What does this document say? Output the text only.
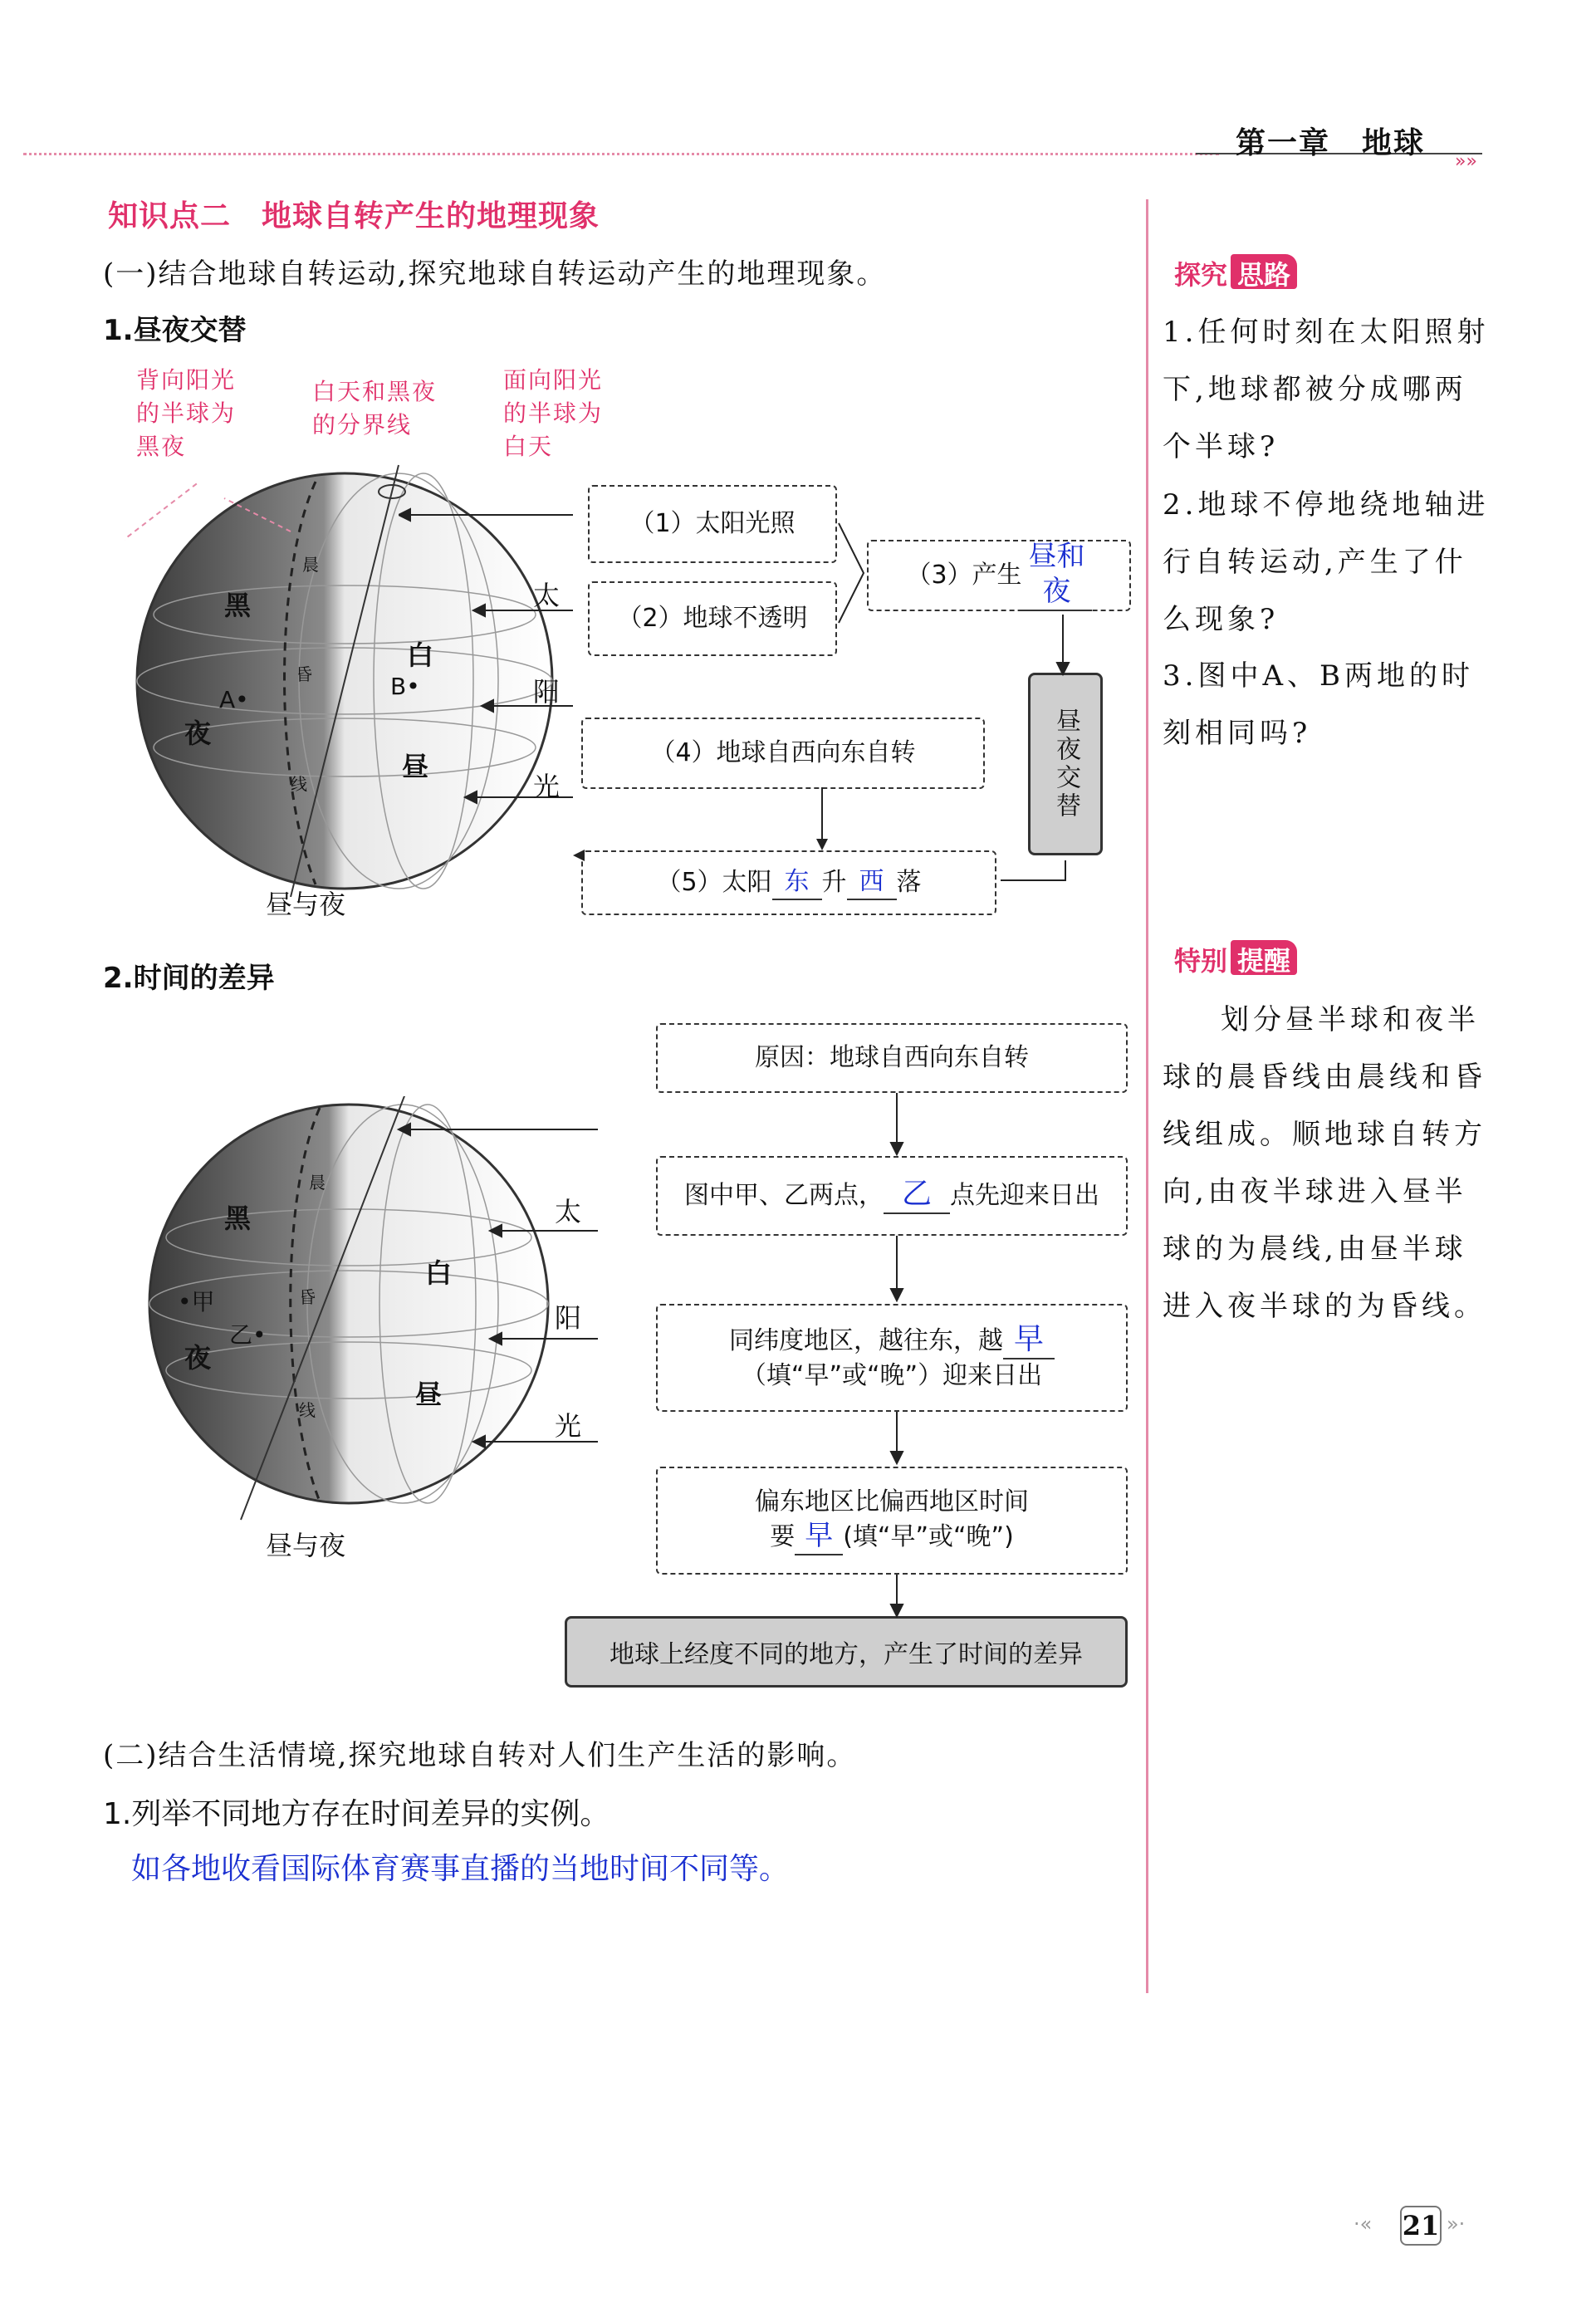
第一章　地球
»»
知识点二　地球自转产生的地理现象
(一)结合地球自转运动,探究地球自转运动产生的地理现象。
1.昼夜交替
背向阳光
的半球为
黑夜
白天和黑夜
的分界线
面向阳光
的半球为
白天
黑
夜
白
昼
A•	B•
晨
昏
线
太
阳
光
昼与夜
（1）太阳光照
（2）地球不透明
（3）产生
昼和夜
（4）地球自西向东自转
（5）太阳 东 升 西 落
昼夜交替
2.时间的差异
黑
夜
白
昼
•甲
乙•
晨
昏
线
太
阳
光
昼与夜
原因：地球自西向东自转
图中甲、乙两点， 乙 点先迎来日出
同纬度地区，越往东，越 早
（填“早”或“晚”）迎来日出
偏东地区比偏西地区时间
要 早 (填“早”或“晚”)
地球上经度不同的地方，产生了时间的差异
(二)结合生活情境,探究地球自转对人们生产生活的影响。
1.列举不同地方存在时间差异的实例。
如各地收看国际体育赛事直播的当地时间不同等。
探究 思路
1.任何时刻在太阳照射下,地球都被分成哪两个半球?
2.地球不停地绕地轴进行自转运动,产生了什么现象?
3.图中A、B两地的时刻相同吗?
特别 提醒
划分昼半球和夜半球的晨昏线由晨线和昏线组成。顺地球自转方向,由夜半球进入昼半球的为晨线,由昼半球进入夜半球的为昏线。
·« 21 »·
